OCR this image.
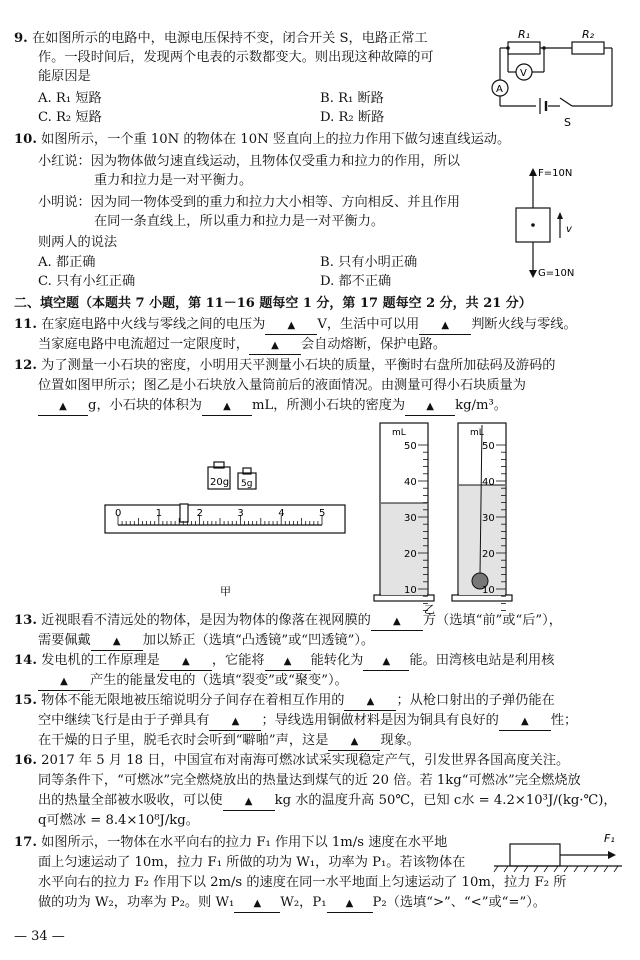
9. 在如图所示的电路中，电源电压保持不变，闭合开关 S，电路正常工
作。一段时间后，发现两个电表的示数都变大。则出现这种故障的可
能原因是
A. R₁ 短路	B. R₁ 断路
C. R₂ 短路	D. R₂ 断路
R₁	R₂
V
A
S
10. 如图所示，一个重 10N 的物体在 10N 竖直向上的拉力作用下做匀速直线运动。
小红说：因为物体做匀速直线运动，且物体仅受重力和拉力的作用，所以
重力和拉力是一对平衡力。
小明说：因为同一物体受到的重力和拉力大小相等、方向相反、并且作用
在同一条直线上，所以重力和拉力是一对平衡力。
则两人的说法
A. 都正确	B. 只有小明正确
C. 只有小红正确	D. 都不正确
F=10N
v
G=10N
二、填空题（本题共 7 小题，第 11－16 题每空 1 分，第 17 题每空 2 分，共 21 分）
11. 在家庭电路中火线与零线之间的电压为 ▲ V，生活中可以用 ▲ 判断火线与零线。
当家庭电路中电流超过一定限度时， ▲ 会自动熔断，保护电路。
12. 为了测量一小石块的密度，小明用天平测量小石块的质量，平衡时右盘所加砝码及游码的
位置如图甲所示；图乙是小石块放入量筒前后的液面情况。由测量可得小石块质量为
▲ g，小石块的体积为 ▲ mL，所测小石块的密度为 ▲ kg/m³。
20g 5g
0	1	2	3	4	5
甲
50
40
30
20
10
50
40
30
20
10
mL	mL
乙
13. 近视眼看不清远处的物体，是因为物体的像落在视网膜的 ▲ 方（选填“前”或“后”），
需要佩戴 ▲ 加以矫正（选填“凸透镜”或“凹透镜”）。
14. 发电机的工作原理是 ▲ ，它能将 ▲ 能转化为 ▲ 能。田湾核电站是利用核
▲ 产生的能量发电的（选填“裂变”或“聚变”）。
15. 物体不能无限地被压缩说明分子间存在着相互作用的 ▲ ；从枪口射出的子弹仍能在
空中继续飞行是由于子弹具有 ▲ ；导线选用铜做材料是因为铜具有良好的 ▲ 性；
在干燥的日子里，脱毛衣时会听到“噼啪”声，这是 ▲ 现象。
16. 2017 年 5 月 18 日，中国宣布对南海可燃冰试采实现稳定产气，引发世界各国高度关注。
同等条件下，“可燃冰”完全燃烧放出的热量达到煤气的近 20 倍。若 1kg“可燃冰”完全燃烧放
出的热量全部被水吸收，可以使 ▲ kg 水的温度升高 50℃，已知 c水 = 4.2×10³J/(kg·℃)，
q可燃冰 = 8.4×10⁸J/kg。
17. 如图所示，一物体在水平向右的拉力 F₁ 作用下以 1m/s 速度在水平地
面上匀速运动了 10m，拉力 F₁ 所做的功为 W₁，功率为 P₁。若该物体在
水平向右的拉力 F₂ 作用下以 2m/s 的速度在同一水平地面上匀速运动了 10m，拉力 F₂ 所
做的功为 W₂，功率为 P₂。则 W₁ ▲ W₂，P₁ ▲ P₂（选填“>”、“<”或“=”）。
F₁
— 34 —
